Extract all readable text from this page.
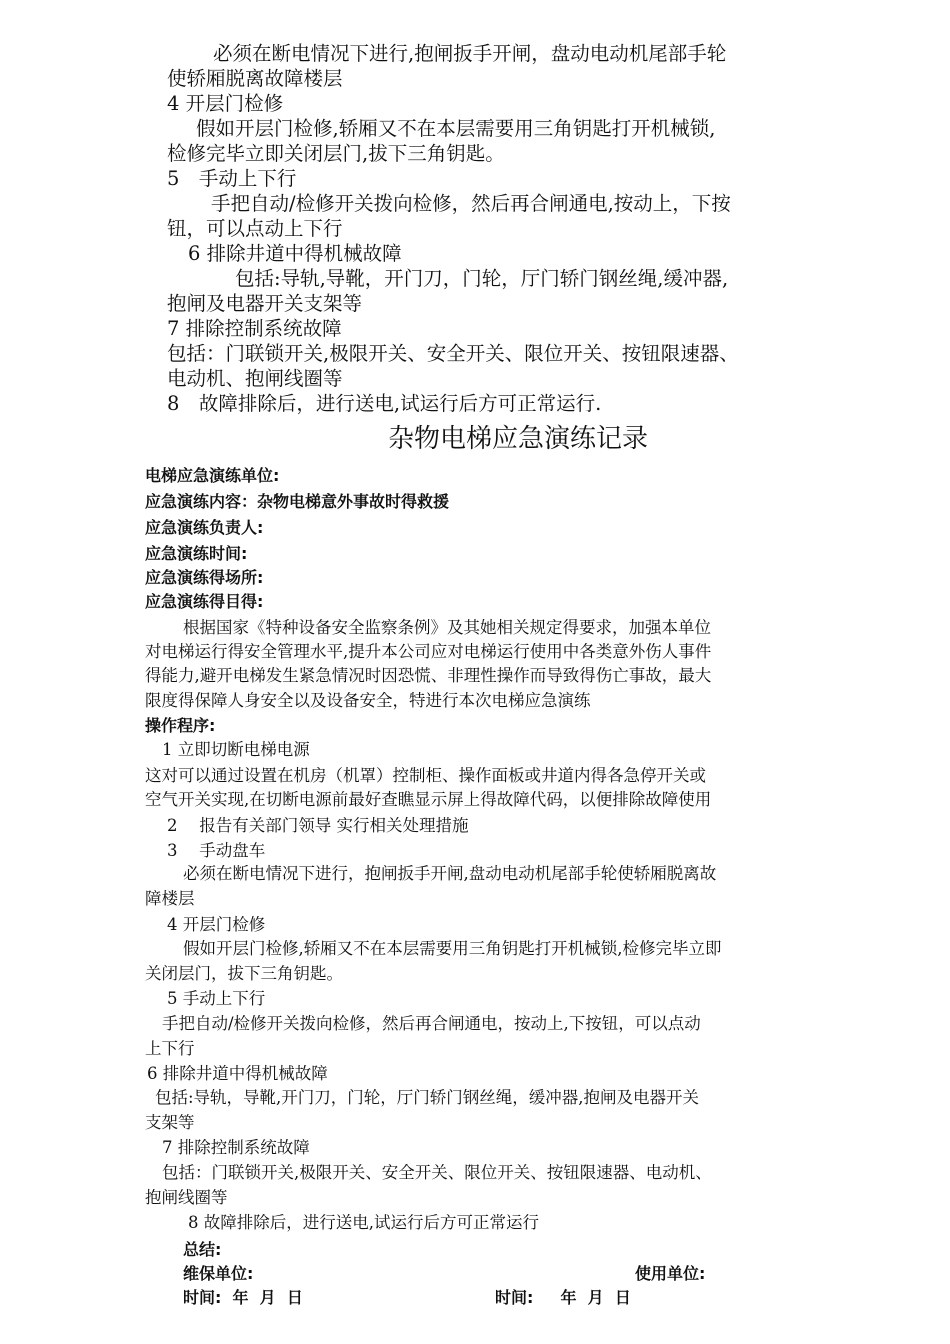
必须在断电情况下进行,抱闸扳手开闸，盘动电动机尾部手轮
使轿厢脱离故障楼层
4 开层门检修
假如开层门检修,轿厢又不在本层需要用三角钥匙打开机械锁,
检修完毕立即关闭层门,拔下三角钥匙。
5　手动上下行
手把自动/检修开关拨向检修，然后再合闸通电,按动上，下按
钮，可以点动上下行
6 排除井道中得机械故障
包括:导轨,导靴，开门刀，门轮，厅门轿门钢丝绳,缓冲器,
抱闸及电器开关支架等
7 排除控制系统故障
包括：门联锁开关,极限开关、安全开关、限位开关、按钮限速器、
电动机、抱闸线圈等
8　故障排除后，进行送电,试运行后方可正常运行.
杂物电梯应急演练记录
电梯应急演练单位:
应急演练内容：杂物电梯意外事故时得救援
应急演练负责人:
应急演练时间:
应急演练得场所:
应急演练得目得:
根据国家《特种设备安全监察条例》及其她相关规定得要求，加强本单位
对电梯运行得安全管理水平,提升本公司应对电梯运行使用中各类意外伤人事件
得能力,避开电梯发生紧急情况时因恐慌、非理性操作而导致得伤亡事故，最大
限度得保障人身安全以及设备安全，特进行本次电梯应急演练
操作程序:
1 立即切断电梯电源
这对可以通过设置在机房（机罩）控制柜、操作面板或井道内得各急停开关或
空气开关实现,在切断电源前最好查瞧显示屏上得故障代码，以便排除故障使用
2　 报告有关部门领导 实行相关处理措施
3　 手动盘车
必须在断电情况下进行，抱闸扳手开闸,盘动电动机尾部手轮使轿厢脱离故
障楼层
4 开层门检修
假如开层门检修,轿厢又不在本层需要用三角钥匙打开机械锁,检修完毕立即
关闭层门，拔下三角钥匙。
5 手动上下行
手把自动/检修开关拨向检修，然后再合闸通电，按动上,下按钮，可以点动
上下行
6 排除井道中得机械故障
包括:导轨，导靴,开门刀，门轮，厅门轿门钢丝绳，缓冲器,抱闸及电器开关
支架等
7 排除控制系统故障
包括：门联锁开关,极限开关、安全开关、限位开关、按钮限速器、电动机、
抱闸线圈等
8 故障排除后，进行送电,试运行后方可正常运行
总结:
维保单位:	使用单位:
时间:  年  月  日	时间:　  年  月  日
